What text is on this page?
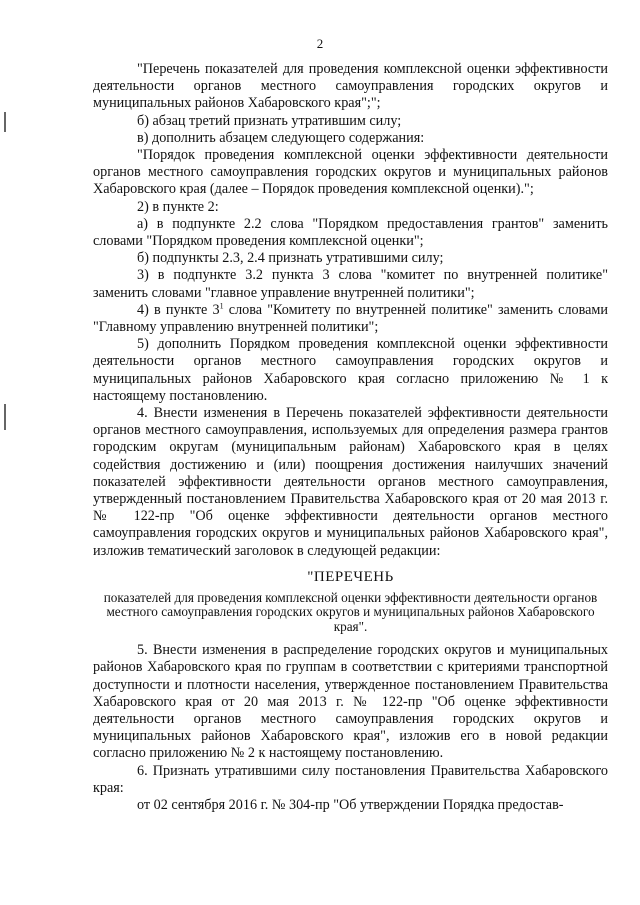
2

"Перечень показателей для проведения комплексной оценки эффективности деятельности органов местного самоуправления городских округов и муниципальных районов Хабаровского края";";

б) абзац третий признать утратившим силу;

в) дополнить абзацем следующего содержания:

"Порядок проведения комплексной оценки эффективности деятельности органов местного самоуправления городских округов и муниципальных районов Хабаровского края (далее – Порядок проведения комплексной оценки).";

2) в пункте 2:

а) в подпункте 2.2 слова "Порядком предоставления грантов" заменить словами "Порядком проведения комплексной оценки";

б) подпункты 2.3, 2.4 признать утратившими силу;

3) в подпункте 3.2 пункта 3 слова "комитет по внутренней политике" заменить словами "главное управление внутренней политики";

4) в пункте $3^1$ слова "Комитету по внутренней политике" заменить словами "Главному управлению внутренней политики";

5) дополнить Порядком проведения комплексной оценки эффективности деятельности органов местного самоуправления городских округов и муниципальных районов Хабаровского края согласно приложению № 1 к настоящему постановлению.

4. Внести изменения в Перечень показателей эффективности деятельности органов местного самоуправления, используемых для определения размера грантов городским округам (муниципальным районам) Хабаровского края в целях содействия достижению и (или) поощрения достижения наилучших значений показателей эффективности деятельности органов местного самоуправления, утвержденный постановлением Правительства Хабаровского края от 20 мая 2013 г. № 122-пр "Об оценке эффективности деятельности органов местного самоуправления городских округов и муниципальных районов Хабаровского края", изложив тематический заголовок в следующей редакции:

"ПЕРЕЧЕНЬ

показателей для проведения комплексной оценки эффективности деятельности органов местного самоуправления городских округов и муниципальных районов Хабаровского края".

5. Внести изменения в распределение городских округов и муниципальных районов Хабаровского края по группам в соответствии с критериями транспортной доступности и плотности населения, утвержденное постановлением Правительства Хабаровского края от 20 мая 2013 г. № 122-пр "Об оценке эффективности деятельности органов местного самоуправления городских округов и муниципальных районов Хабаровского края", изложив его в новой редакции согласно приложению № 2 к настоящему постановлению.

6. Признать утратившими силу постановления Правительства Хабаровского края:

от 02 сентября 2016 г. № 304-пр "Об утверждении Порядка предостав-
